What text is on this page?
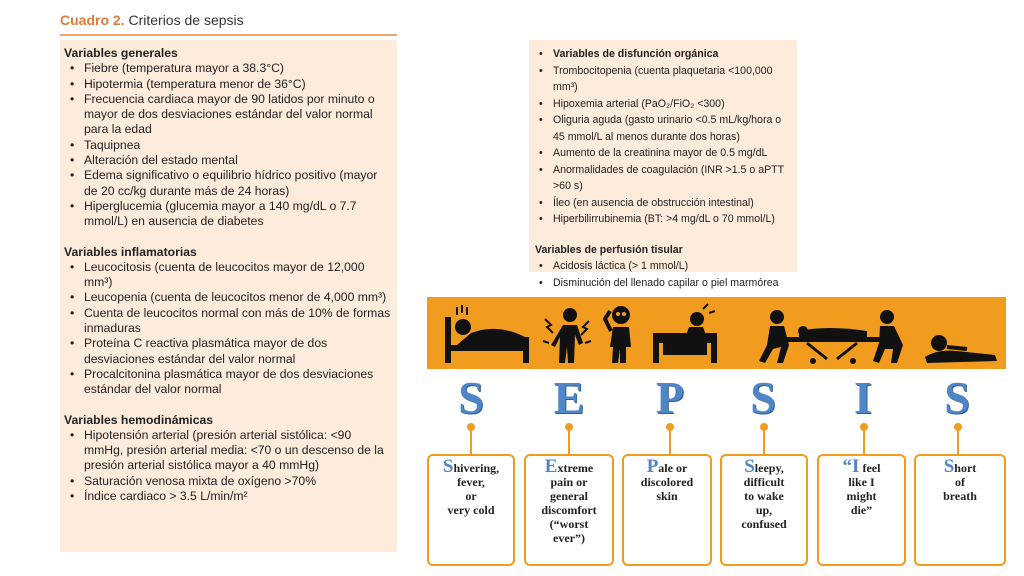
Cuadro 2. Criterios de sepsis

Variables generales

• Fiebre (temperatura mayor a 38.3°C)
• Hipotermia (temperatura menor de 36°C)
• Frecuencia cardiaca mayor de 90 latidos por minuto o mayor de dos desviaciones estándar del valor normal para la edad
• Taquipnea
• Alteración del estado mental
• Edema significativo o equilibrio hídrico positivo (mayor de 20 cc/kg durante más de 24 horas)
• Hiperglucemia (glucemia mayor a 140 mg/dL o 7.7 mmol/L) en ausencia de diabetes

Variables inflamatorias

• Leucocitosis (cuenta de leucocitos mayor de 12,000 mm³)
• Leucopenia (cuenta de leucocitos menor de 4,000 mm³)
• Cuenta de leucocitos normal con más de 10% de formas inmaduras
• Proteína C reactiva plasmática mayor de dos desviaciones estándar del valor normal
• Procalcitonina plasmática mayor de dos desviaciones estándar del valor normal

Variables hemodinámicas

• Hipotensión arterial (presión arterial sistólica: <90 mmHg, presión arterial media: <70 o un descenso de la presión arterial sistólica mayor a 40 mmHg)
• Saturación venosa mixta de oxígeno >70%
• Índice cardiaco > 3.5 L/min/m²
• Variables de disfunción orgánica
• Trombocitopenia (cuenta plaquetaria <100,000 mm³)
• Hipoxemia arterial (PaO₂/FiO₂ <300)
• Oliguria aguda (gasto urinario <0.5 mL/kg/hora o 45 mmol/L al menos durante dos horas)
• Aumento de la creatinina mayor de 0.5 mg/dL
• Anormalidades de coagulación (INR >1.5 o aPTT >60 s)
• Íleo (en ausencia de obstrucción intestinal)
• Hiperbilirrubinemia (BT: >4 mg/dL o 70 mmol/L)

Variables de perfusión tisular

• Acidosis láctica (> 1 mmol/L)
• Disminución del llenado capilar o piel marmórea
S	E	P	S	I	S
Shivering,
fever,
or
very cold
Extreme
pain or
general
discomfort
(“worst
ever”)
Pale or
discolored
skin
Sleepy,
difficult
to wake
up,
confused
“I feel
like I
might
die”
Short
of
breath
